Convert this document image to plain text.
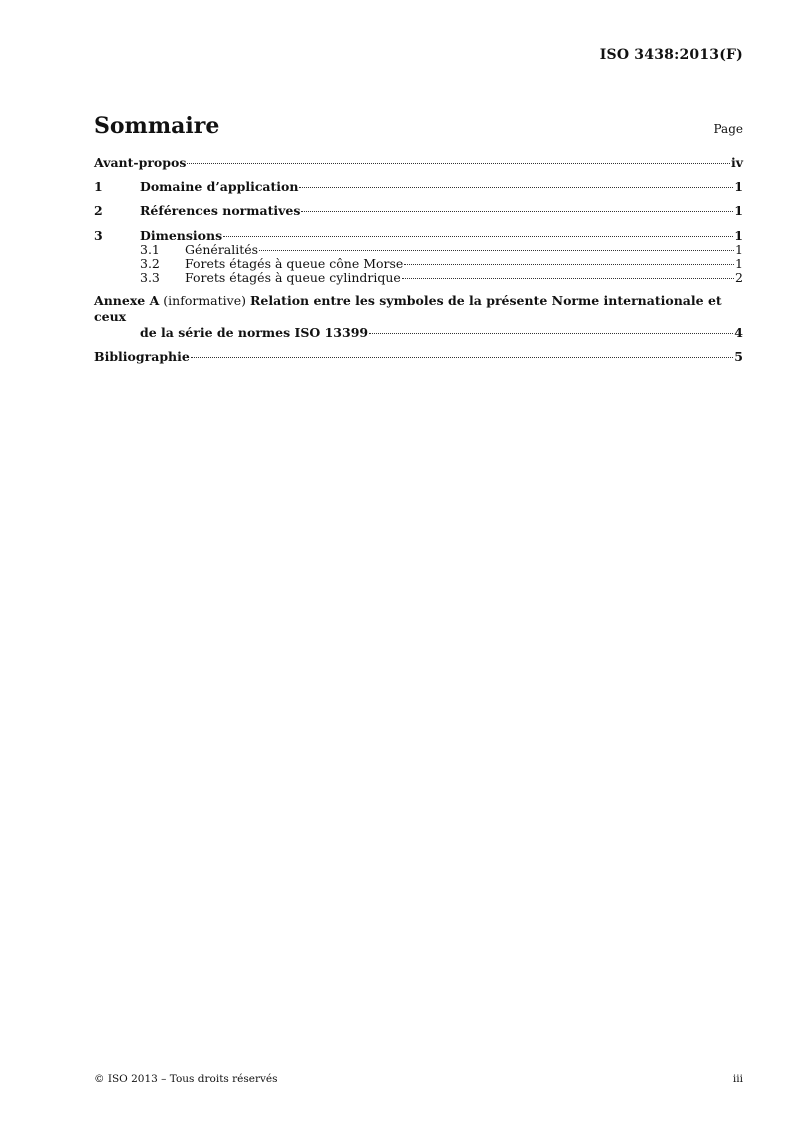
ISO 3438:2013(F)
Sommaire	Page
Avant-propos	iv
1	Domaine d’application	1
2	Références normatives	1
3	Dimensions	1
3.1	Généralités	1
3.2	Forets étagés à queue cône Morse	1
3.3	Forets étagés à queue cylindrique	2
Annexe A (informative) Relation entre les symboles de la présente Norme internationale et ceux
de la série de normes ISO 13399	4
Bibliographie	5
© ISO 2013 – Tous droits réservés	iii
